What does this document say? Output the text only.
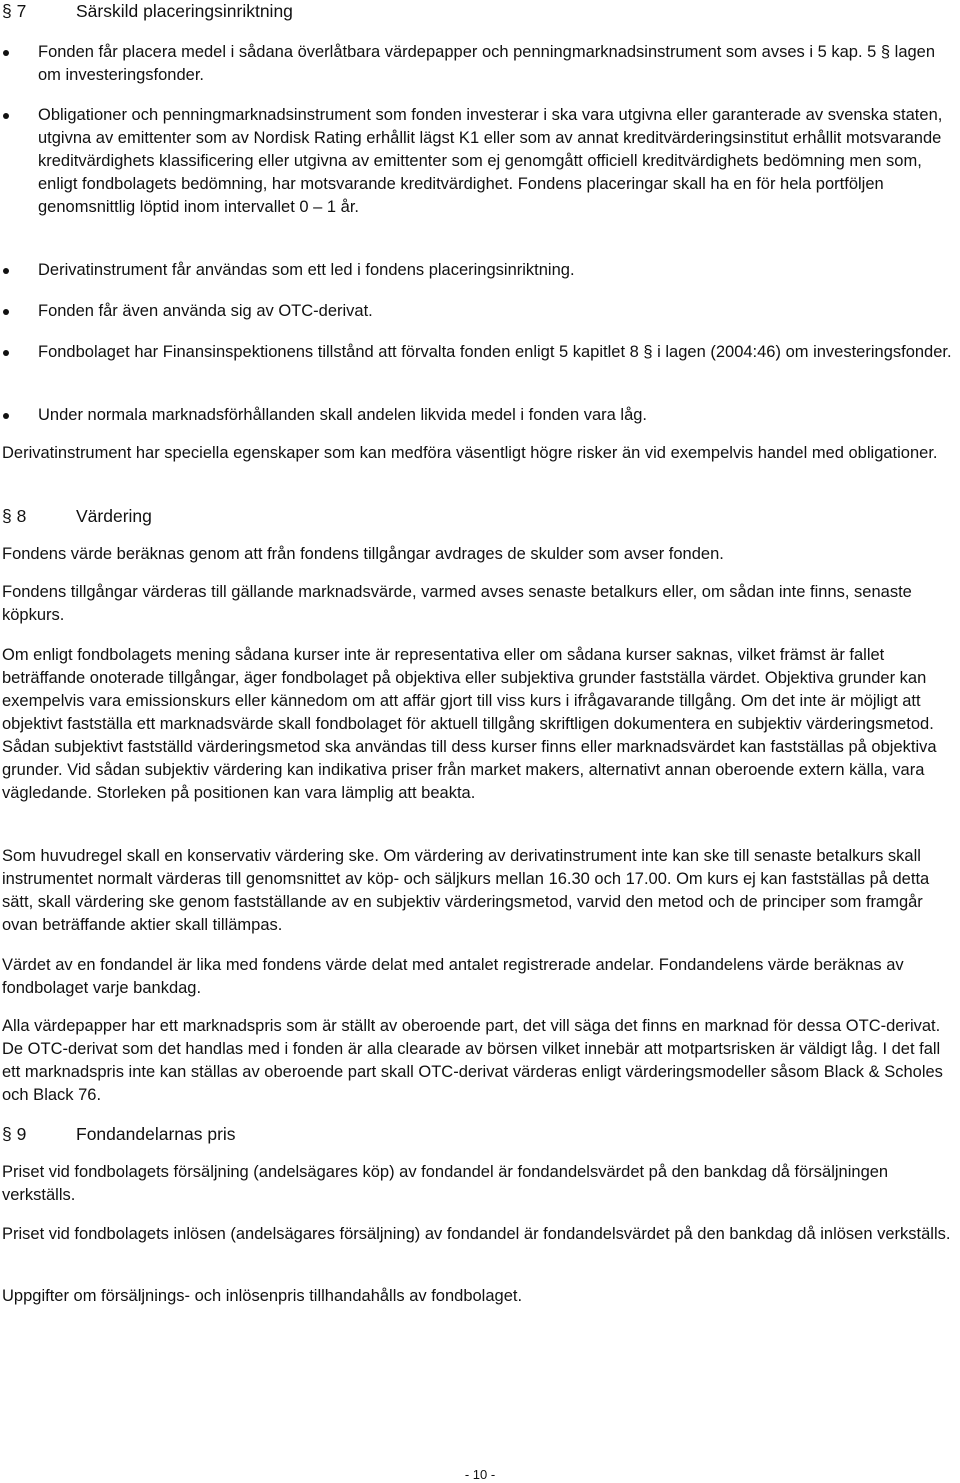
§ 7	Särskild placeringsinriktning
Fonden får placera medel i sådana överlåtbara värdepapper och penningmarknadsinstrument som avses i 5 kap. 5 § lagen om investeringsfonder.
Obligationer och penningmarknadsinstrument som fonden investerar i ska vara utgivna eller garanterade av svenska staten, utgivna av emittenter som av Nordisk Rating erhållit lägst K1 eller som av annat kreditvärderingsinstitut erhållit motsvarande kreditvärdighets klassificering eller utgivna av emittenter som ej genomgått officiell kreditvärdighets bedömning men som, enligt fondbolagets bedömning, har motsvarande kreditvärdighet. Fondens placeringar skall ha en för hela portföljen genomsnittlig löptid inom intervallet 0 – 1 år.
Derivatinstrument får användas som ett led i fondens placeringsinriktning.
Fonden får även använda sig av OTC-derivat.
Fondbolaget har Finansinspektionens tillstånd att förvalta fonden enligt 5 kapitlet 8 § i lagen (2004:46) om investeringsfonder.
Under normala marknadsförhållanden skall andelen likvida medel i fonden vara låg.

Derivatinstrument har speciella egenskaper som kan medföra väsentligt högre risker än vid exempelvis handel med obligationer.

§ 8	Värdering

Fondens värde beräknas genom att från fondens tillgångar avdrages de skulder som avser fonden.

Fondens tillgångar värderas till gällande marknadsvärde, varmed avses senaste betalkurs eller, om sådan inte finns, senaste köpkurs.

Om enligt fondbolagets mening sådana kurser inte är representativa eller om sådana kurser saknas, vilket främst är fallet beträffande onoterade tillgångar, äger fondbolaget på objektiva eller subjektiva grunder fastställa värdet. Objektiva grunder kan exempelvis vara emissionskurs eller kännedom om att affär gjort till viss kurs i ifrågavarande tillgång. Om det inte är möjligt att objektivt fastställa ett marknadsvärde skall fondbolaget för aktuell tillgång skriftligen dokumentera en subjektiv värderingsmetod. Sådan subjektivt fastställd värderingsmetod ska användas till dess kurser finns eller marknadsvärdet kan fastställas på objektiva grunder. Vid sådan subjektiv värdering kan indikativa priser från market makers, alternativt annan oberoende extern källa, vara vägledande. Storleken på positionen kan vara lämplig att beakta.

Som huvudregel skall en konservativ värdering ske. Om värdering av derivatinstrument inte kan ske till senaste betalkurs skall instrumentet normalt värderas till genomsnittet av köp- och säljkurs mellan 16.30 och 17.00. Om kurs ej kan fastställas på detta sätt, skall värdering ske genom fastställande av en subjektiv värderingsmetod, varvid den metod och de principer som framgår ovan beträffande aktier skall tillämpas.

Värdet av en fondandel är lika med fondens värde delat med antalet registrerade andelar. Fondandelens värde beräknas av fondbolaget varje bankdag.

Alla värdepapper har ett marknadspris som är ställt av oberoende part, det vill säga det finns en marknad för dessa OTC-derivat. De OTC-derivat som det handlas med i fonden är alla clearade av börsen vilket innebär att motpartsrisken är väldigt låg. I det fall ett marknadspris inte kan ställas av oberoende part skall OTC-derivat värderas enligt värderingsmodeller såsom Black & Scholes och Black 76.

§ 9	Fondandelarnas pris

Priset vid fondbolagets försäljning (andelsägares köp) av fondandel är fondandelsvärdet på den bankdag då försäljningen verkställs.

Priset vid fondbolagets inlösen (andelsägares försäljning) av fondandel är fondandelsvärdet på den bankdag då inlösen verkställs.

Uppgifter om försäljnings- och inlösenpris tillhandahålls av fondbolaget.

- 10 -
